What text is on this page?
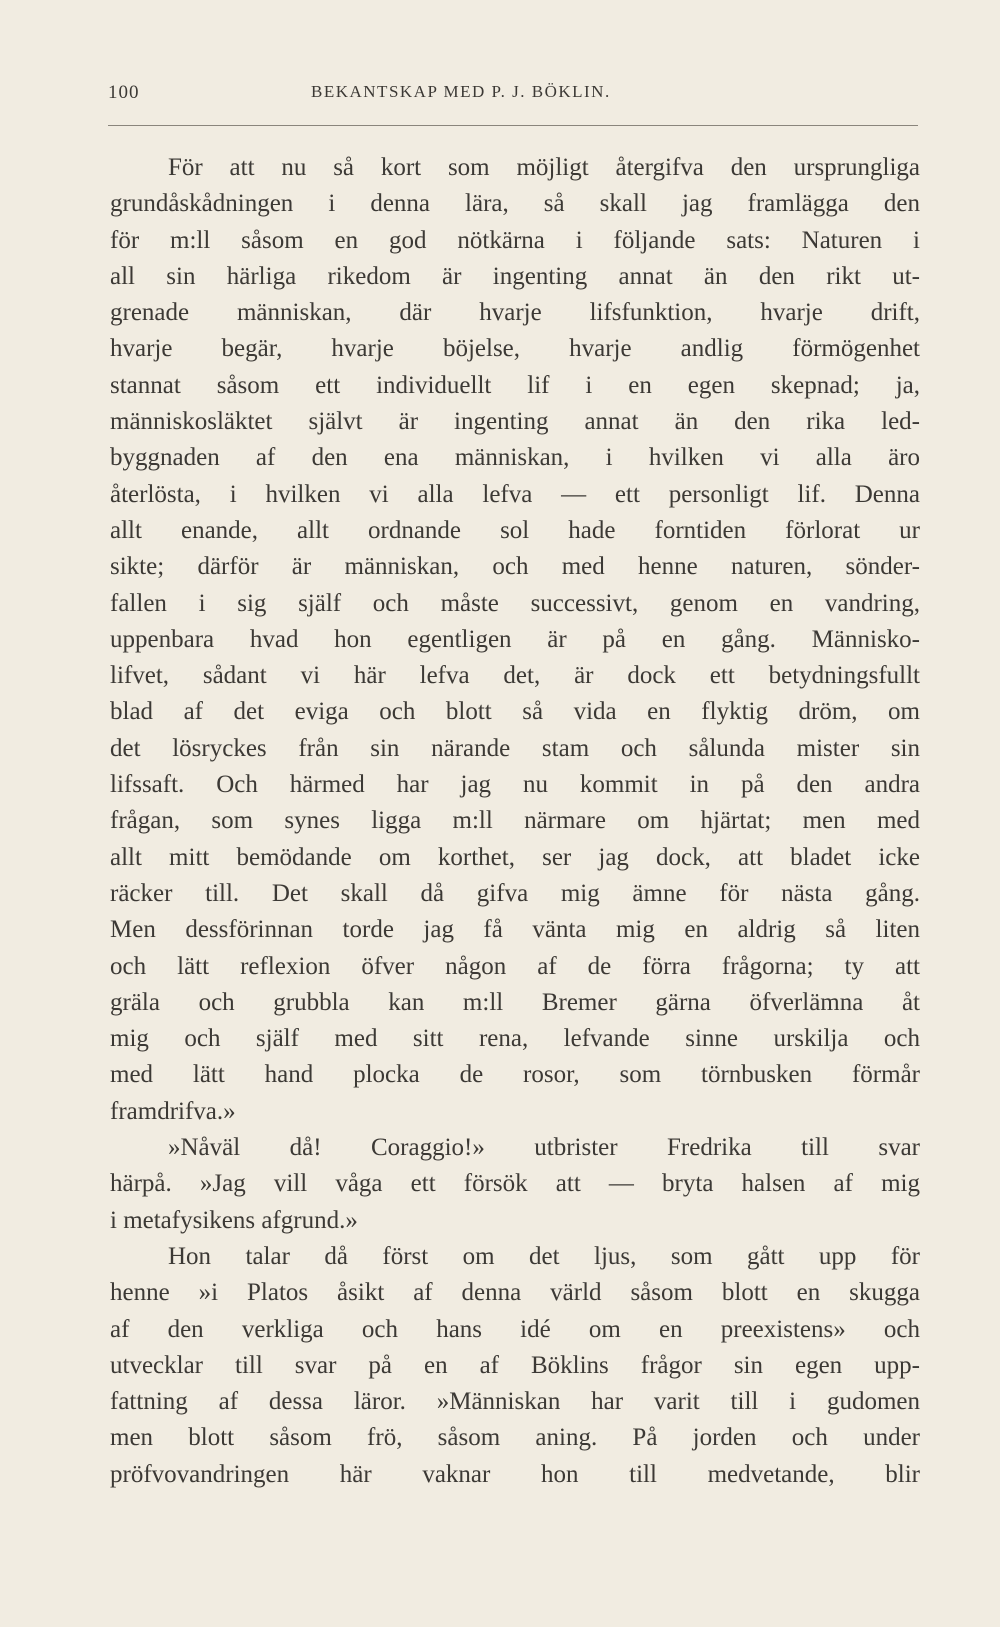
100	BEKANTSKAP MED P. J. BÖKLIN.
För att nu så kort som möjligt återgifva den ursprungliga
grundåskådningen i denna lära, så skall jag framlägga den
för m:ll såsom en god nötkärna i följande sats: Naturen i
all sin härliga rikedom är ingenting annat än den rikt ut-
grenade människan, där hvarje lifsfunktion, hvarje drift,
hvarje begär, hvarje böjelse, hvarje andlig förmögenhet
stannat såsom ett individuellt lif i en egen skepnad; ja,
människosläktet självt är ingenting annat än den rika led-
byggnaden af den ena människan, i hvilken vi alla äro
återlösta, i hvilken vi alla lefva — ett personligt lif. Denna
allt enande, allt ordnande sol hade forntiden förlorat ur
sikte; därför är människan, och med henne naturen, sönder-
fallen i sig själf och måste successivt, genom en vandring,
uppenbara hvad hon egentligen är på en gång. Människo-
lifvet, sådant vi här lefva det, är dock ett betydningsfullt
blad af det eviga och blott så vida en flyktig dröm, om
det lösryckes från sin närande stam och sålunda mister sin
lifssaft. Och härmed har jag nu kommit in på den andra
frågan, som synes ligga m:ll närmare om hjärtat; men med
allt mitt bemödande om korthet, ser jag dock, att bladet icke
räcker till. Det skall då gifva mig ämne för nästa gång.
Men dessförinnan torde jag få vänta mig en aldrig så liten
och lätt reflexion öfver någon af de förra frågorna; ty att
gräla och grubbla kan m:ll Bremer gärna öfverlämna åt
mig och själf med sitt rena, lefvande sinne urskilja och
med lätt hand plocka de rosor, som törnbusken förmår
framdrifva.»
»Nåväl då! Coraggio!» utbrister Fredrika till svar
härpå. »Jag vill våga ett försök att — bryta halsen af mig
i metafysikens afgrund.»
Hon talar då först om det ljus, som gått upp för
henne »i Platos åsikt af denna värld såsom blott en skugga
af den verkliga och hans idé om en preexistens» och
utvecklar till svar på en af Böklins frågor sin egen upp-
fattning af dessa läror. »Människan har varit till i gudomen
men blott såsom frö, såsom aning. På jorden och under
pröfvovandringen här vaknar hon till medvetande, blir
